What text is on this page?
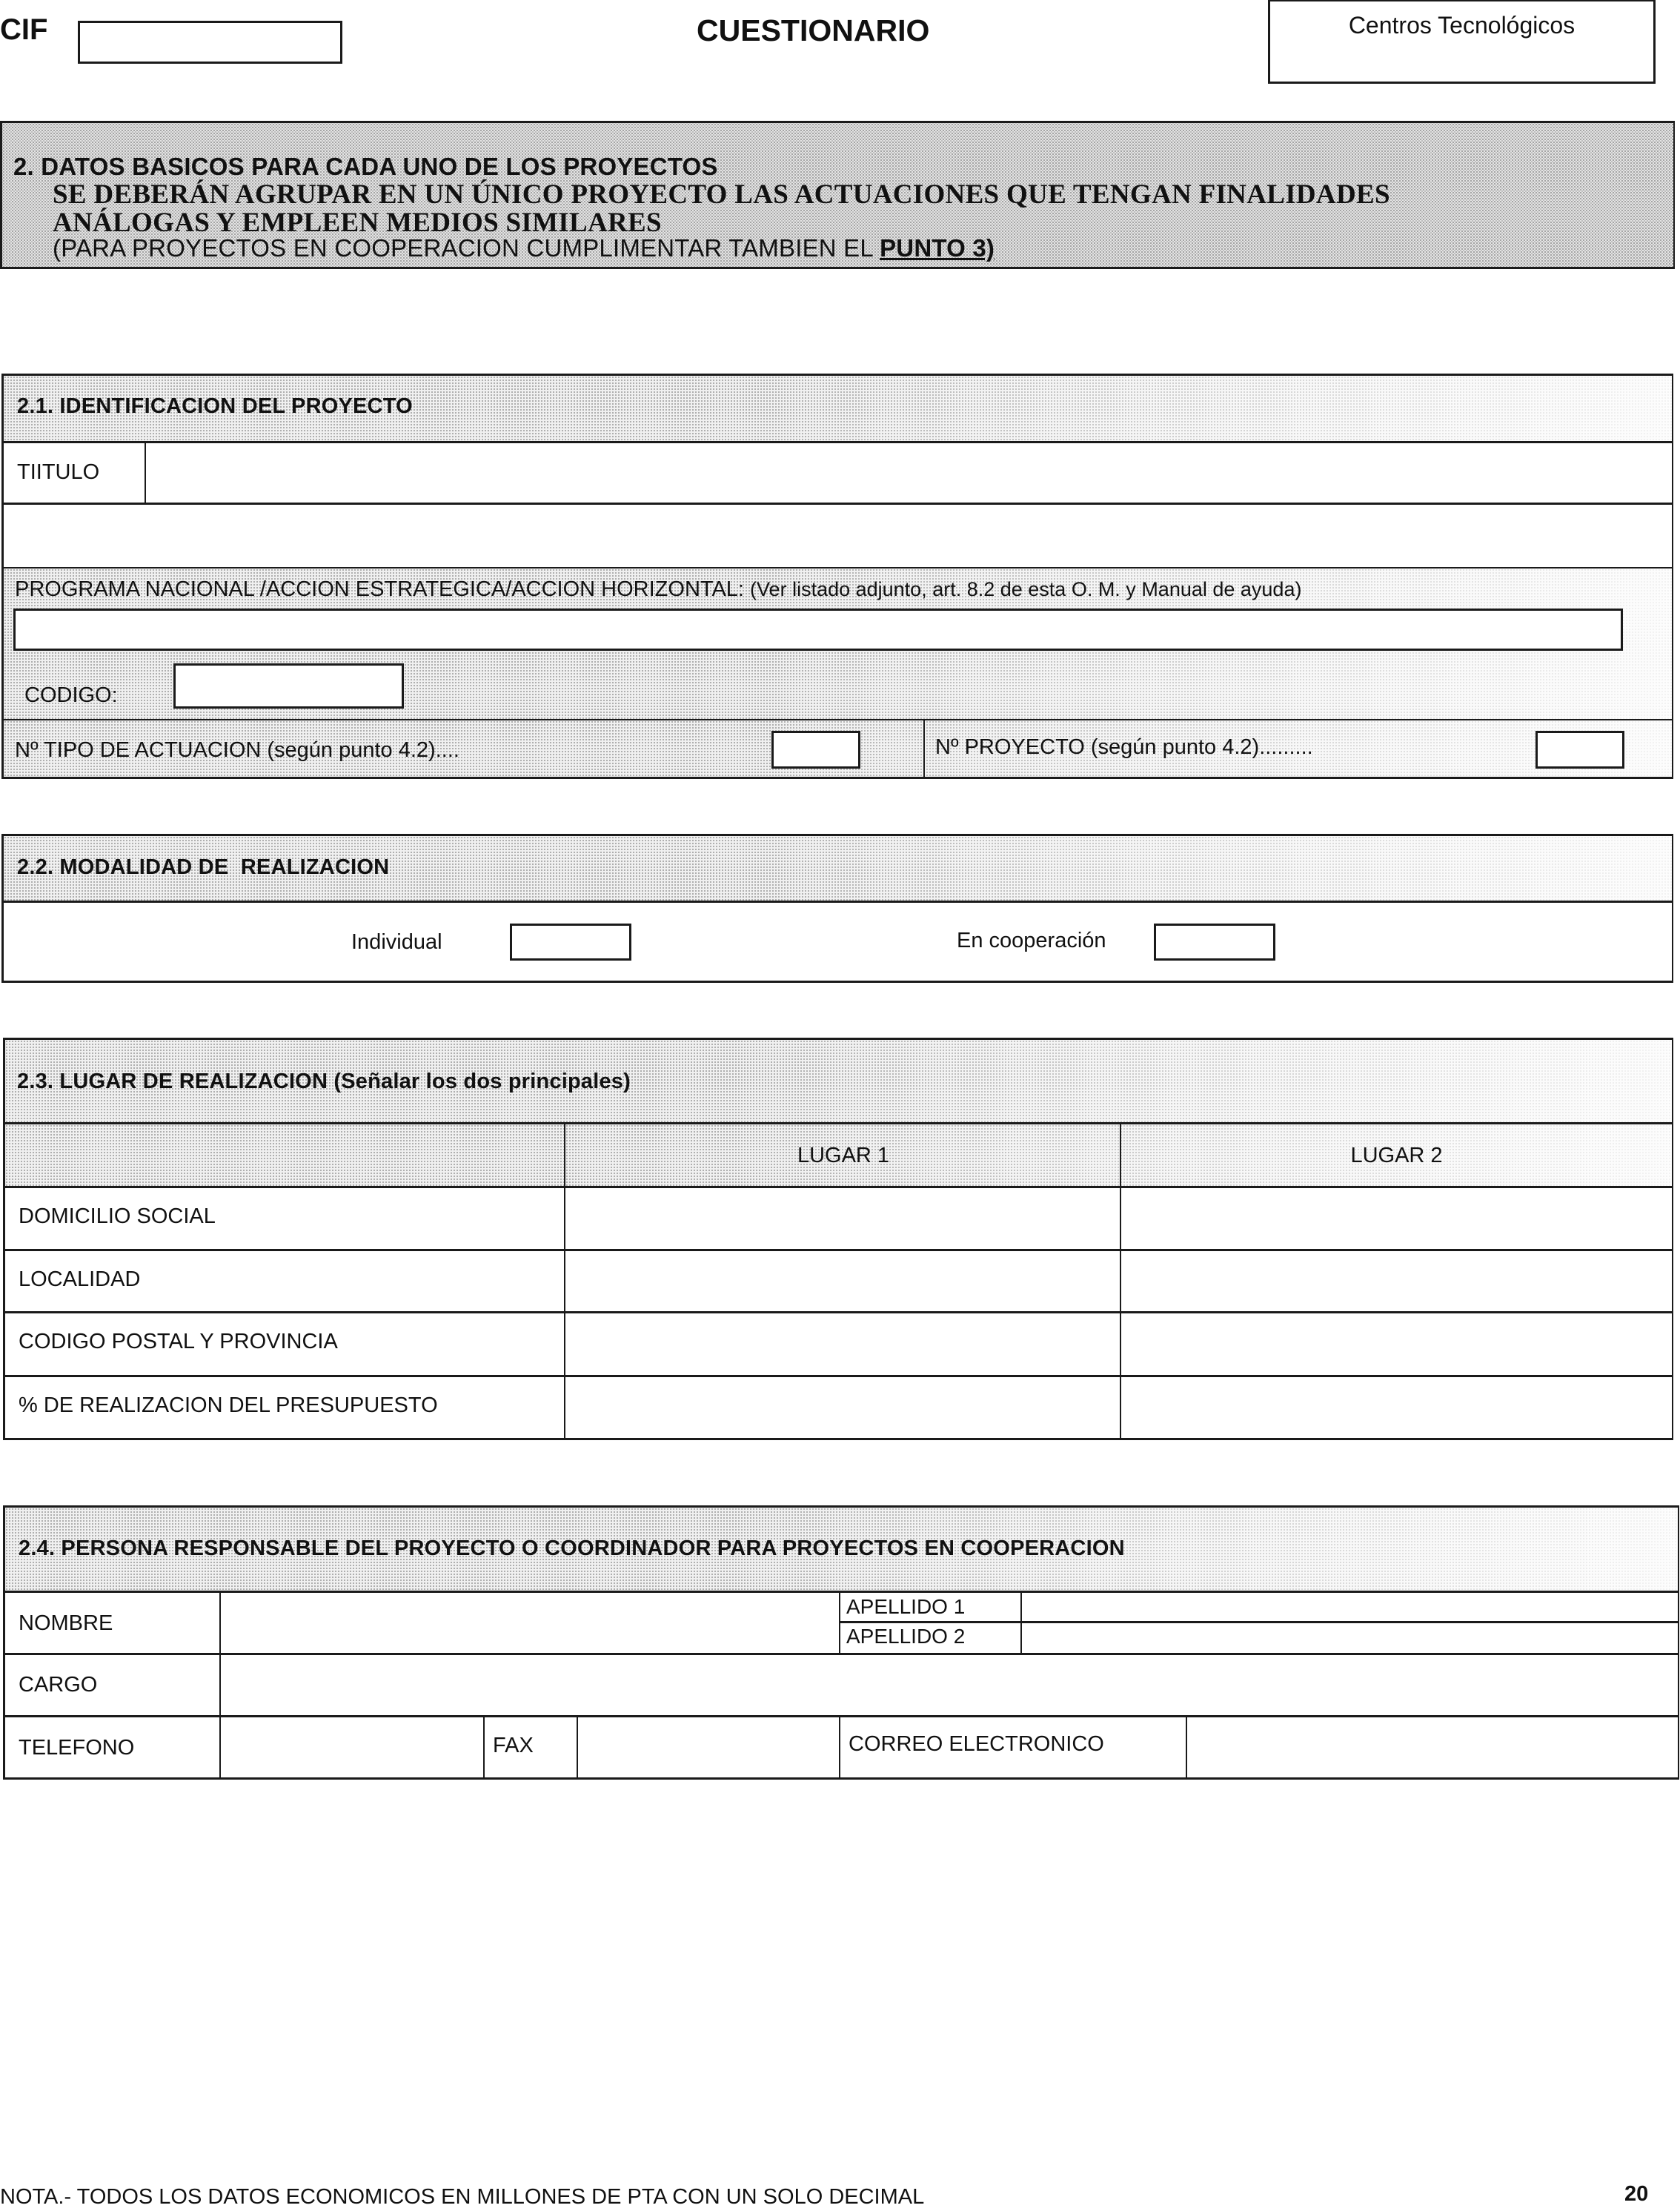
CIF	CUESTIONARIO	Centros Tecnológicos
2. DATOS BASICOS PARA CADA UNO DE LOS PROYECTOS
SE DEBERÁN AGRUPAR EN UN ÚNICO PROYECTO LAS ACTUACIONES QUE TENGAN FINALIDADES
ANÁLOGAS Y EMPLEEN MEDIOS SIMILARES
(PARA PROYECTOS EN COOPERACION CUMPLIMENTAR TAMBIEN EL PUNTO 3)
2.1. IDENTIFICACION DEL PROYECTO
TIITULO
PROGRAMA NACIONAL /ACCION ESTRATEGICA/ACCION HORIZONTAL: (Ver listado adjunto, art. 8.2 de esta O. M. y Manual de ayuda)
CODIGO:
Nº TIPO DE ACTUACION (según punto 4.2)....	Nº PROYECTO (según punto 4.2).........
2.2. MODALIDAD DE  REALIZACION
Individual	En cooperación
2.3. LUGAR DE REALIZACION (Señalar los dos principales)
LUGAR 1	LUGAR 2
DOMICILIO SOCIAL
LOCALIDAD
CODIGO POSTAL Y PROVINCIA
% DE REALIZACION DEL PRESUPUESTO
2.4. PERSONA RESPONSABLE DEL PROYECTO O COORDINADOR PARA PROYECTOS EN COOPERACION
NOMBRE
APELLIDO 1
APELLIDO 2
CARGO
TELEFONO	FAX	CORREO ELECTRONICO
NOTA.- TODOS LOS DATOS ECONOMICOS EN MILLONES DE PTA CON UN SOLO DECIMAL	20
